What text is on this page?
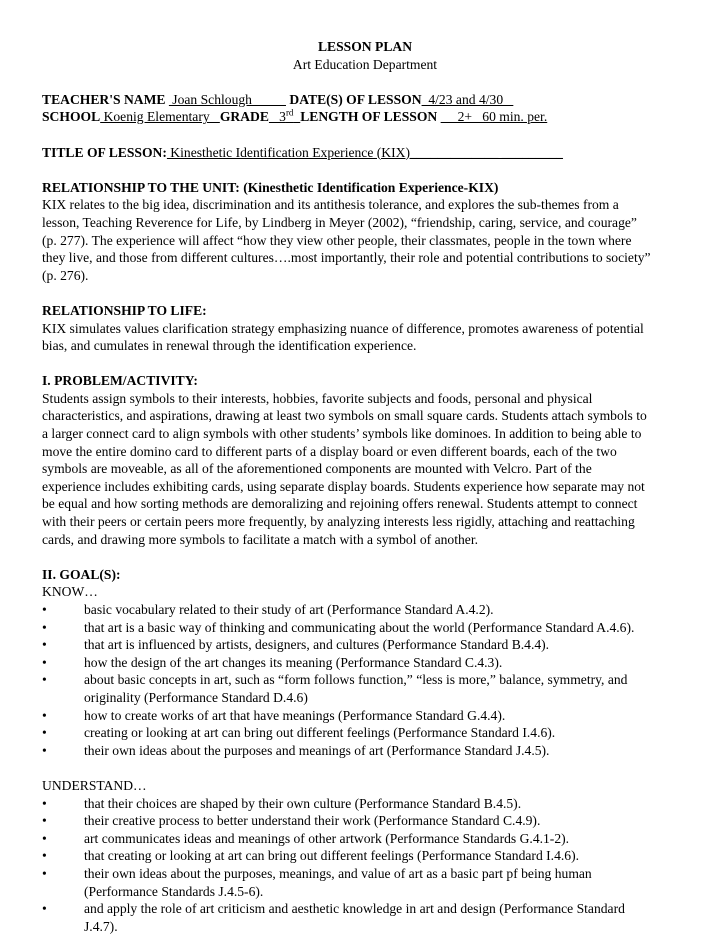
LESSON PLAN
Art Education Department
TEACHER'S NAME  Joan Schlough           DATE(S) OF LESSON  4/23 and 4/30
SCHOOL Koenig Elementary   GRADE   3rd LENGTH OF LESSON      2+   60 min. per.
TITLE OF LESSON: Kinesthetic Identification Experience (KIX)_____________ _________
RELATIONSHIP TO THE UNIT: (Kinesthetic Identification Experience-KIX)
KIX relates to the big idea, discrimination and its antithesis tolerance, and explores the sub-themes from a
lesson, Teaching Reverence for Life, by Lindberg in Meyer (2002), “friendship, caring, service, and courage”
(p. 277). The experience will affect “how they view other people, their classmates, people in the town where
they live, and those from different cultures….most importantly, their role and potential contributions to society”
(p. 276).
RELATIONSHIP TO LIFE:
KIX simulates values clarification strategy emphasizing nuance of difference, promotes awareness of potential
bias, and cumulates in renewal through the identification experience.
I. PROBLEM/ACTIVITY:
Students assign symbols to their interests, hobbies, favorite subjects and foods, personal and physical
characteristics, and aspirations, drawing at least two symbols on small square cards. Students attach symbols to
a larger connect card to align symbols with other students’ symbols like dominoes. In addition to being able to
move the entire domino card to different parts of a display board or even different boards, each of the two
symbols are moveable, as all of the aforementioned components are mounted with Velcro. Part of the
experience includes exhibiting cards, using separate display boards. Students experience how separate may not
be equal and how sorting methods are demoralizing and rejoining offers renewal. Students attempt to connect
with their peers or certain peers more frequently, by analyzing interests less rigidly, attaching and reattaching
cards, and drawing more symbols to facilitate a match with a symbol of another.
II. GOAL(S):
KNOW…
•	basic vocabulary related to their study of art (Performance Standard A.4.2).
•	that art is a basic way of thinking and communicating about the world (Performance Standard A.4.6).
•	that art is influenced by artists, designers, and cultures (Performance Standard B.4.4).
•	how the design of the art changes its meaning (Performance Standard C.4.3).
•	about basic concepts in art, such as “form follows function,” “less is more,” balance, symmetry, and
originality (Performance Standard D.4.6)
•	how to create works of art that have meanings (Performance Standard G.4.4).
•	creating or looking at art can bring out different feelings (Performance Standard I.4.6).
•	their own ideas about the purposes and meanings of art (Performance Standard J.4.5).
UNDERSTAND…
•	that their choices are shaped by their own culture (Performance Standard B.4.5).
•	their creative process to better understand their work (Performance Standard C.4.9).
•	art communicates ideas and meanings of other artwork (Performance Standards G.4.1-2).
•	that creating or looking at art can bring out different feelings (Performance Standard I.4.6).
•	their own ideas about the purposes, meanings, and value of art as a basic part pf being human
(Performance Standards J.4.5-6).
•	and apply the role of art criticism and aesthetic knowledge in art and design (Performance Standard
J.4.7).
